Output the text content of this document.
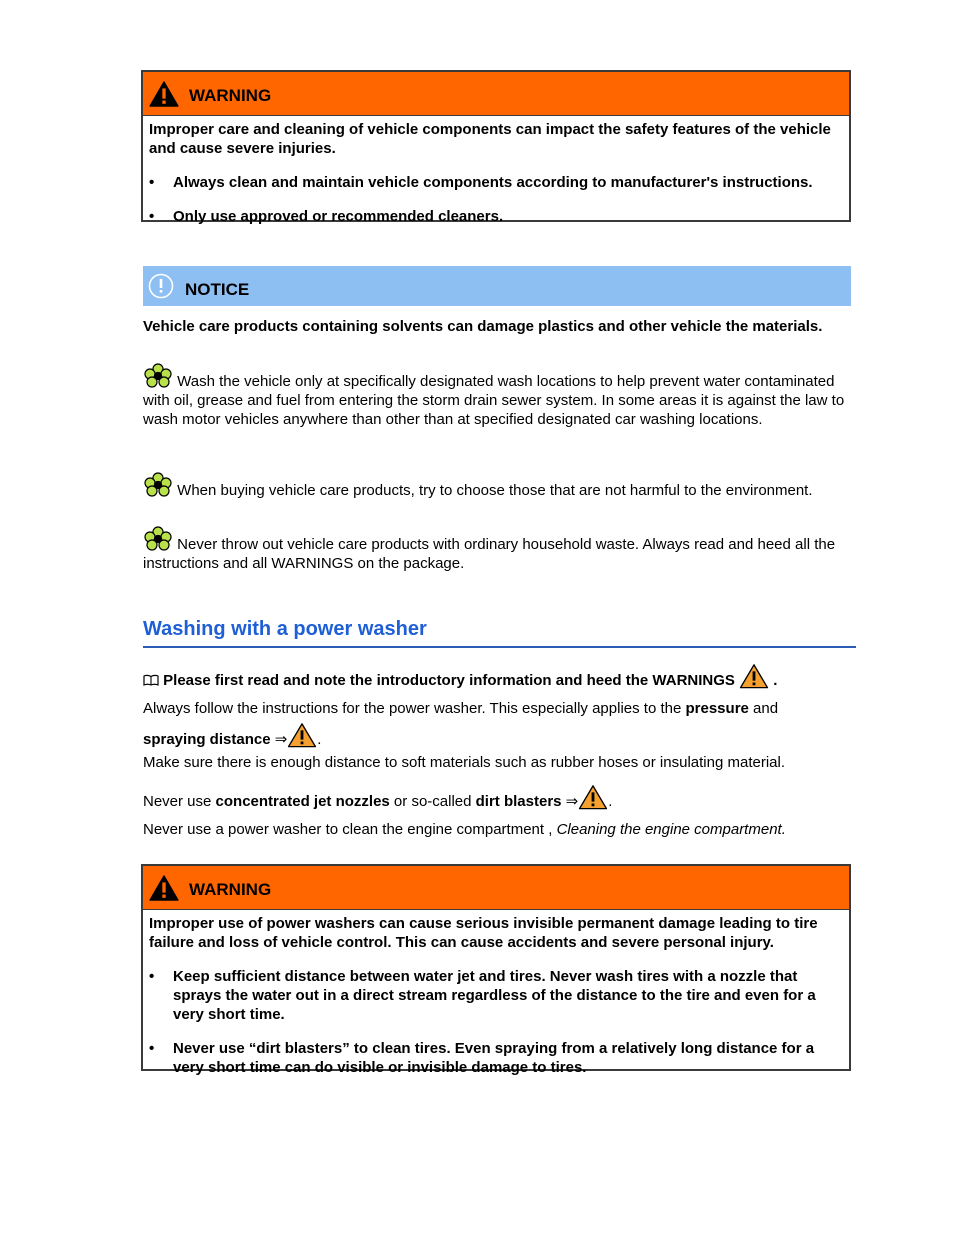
WARNING

Improper care and cleaning of vehicle components can impact the safety features of the vehicle and cause severe injuries.

•	Always clean and maintain vehicle components according to manufacturer's instructions.
•	Only use approved or recommended cleaners.
NOTICE
Vehicle care products containing solvents can damage plastics and other vehicle the materials.
Wash the vehicle only at specifically designated wash locations to help prevent water contaminated with oil, grease and fuel from entering the storm drain sewer system. In some areas it is against the law to wash motor vehicles anywhere than other than at specified designated car washing locations.
When buying vehicle care products, try to choose those that are not harmful to the environment.
Never throw out vehicle care products with ordinary household waste. Always read and heed all the instructions and all WARNINGS on the package.
Washing with a power washer
Please first read and note the introductory information and heed the WARNINGS	.
Always follow the instructions for the power washer. This especially applies to the pressure and
spraying distance ⇒ .
Make sure there is enough distance to soft materials such as rubber hoses or insulating material.
Never use concentrated jet nozzles or so-called dirt blasters ⇒ .
Never use a power washer to clean the engine compartment , Cleaning the engine compartment.
WARNING

Improper use of power washers can cause serious invisible permanent damage leading to tire failure and loss of vehicle control. This can cause accidents and severe personal injury.

•	Keep sufficient distance between water jet and tires. Never wash tires with a nozzle that sprays the water out in a direct stream regardless of the distance to the tire and even for a very short time.
•	Never use “dirt blasters” to clean tires. Even spraying from a relatively long distance for a very short time can do visible or invisible damage to tires.
